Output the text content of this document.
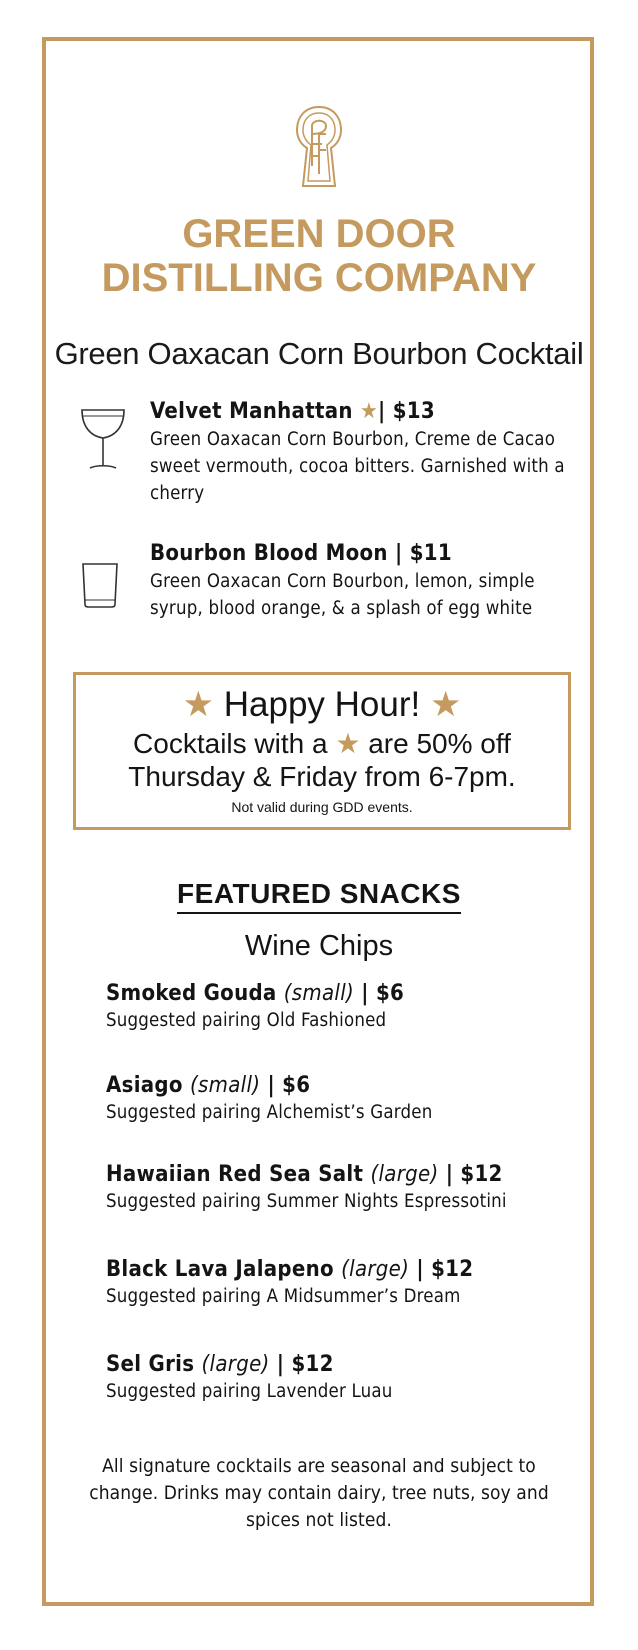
GREEN DOOR
DISTILLING COMPANY
Green Oaxacan Corn Bourbon Cocktail
Velvet Manhattan ★| $13
Green Oaxacan Corn Bourbon, Creme de Cacao sweet vermouth, cocoa bitters. Garnished with a cherry
Bourbon Blood Moon | $11
Green Oaxacan Corn Bourbon, lemon, simple syrup, blood orange, & a splash of egg white
★ Happy Hour! ★
Cocktails with a ★ are 50% off
Thursday & Friday from 6-7pm.
Not valid during GDD events.
FEATURED SNACKS
Wine Chips
Smoked Gouda (small) | $6
Suggested pairing Old Fashioned
Asiago (small) | $6
Suggested pairing Alchemist’s Garden
Hawaiian Red Sea Salt (large) | $12
Suggested pairing Summer Nights Espressotini
Black Lava Jalapeno (large) | $12
Suggested pairing A Midsummer’s Dream
Sel Gris (large) | $12
Suggested pairing Lavender Luau
All signature cocktails are seasonal and subject to change. Drinks may contain dairy, tree nuts, soy and spices not listed.
